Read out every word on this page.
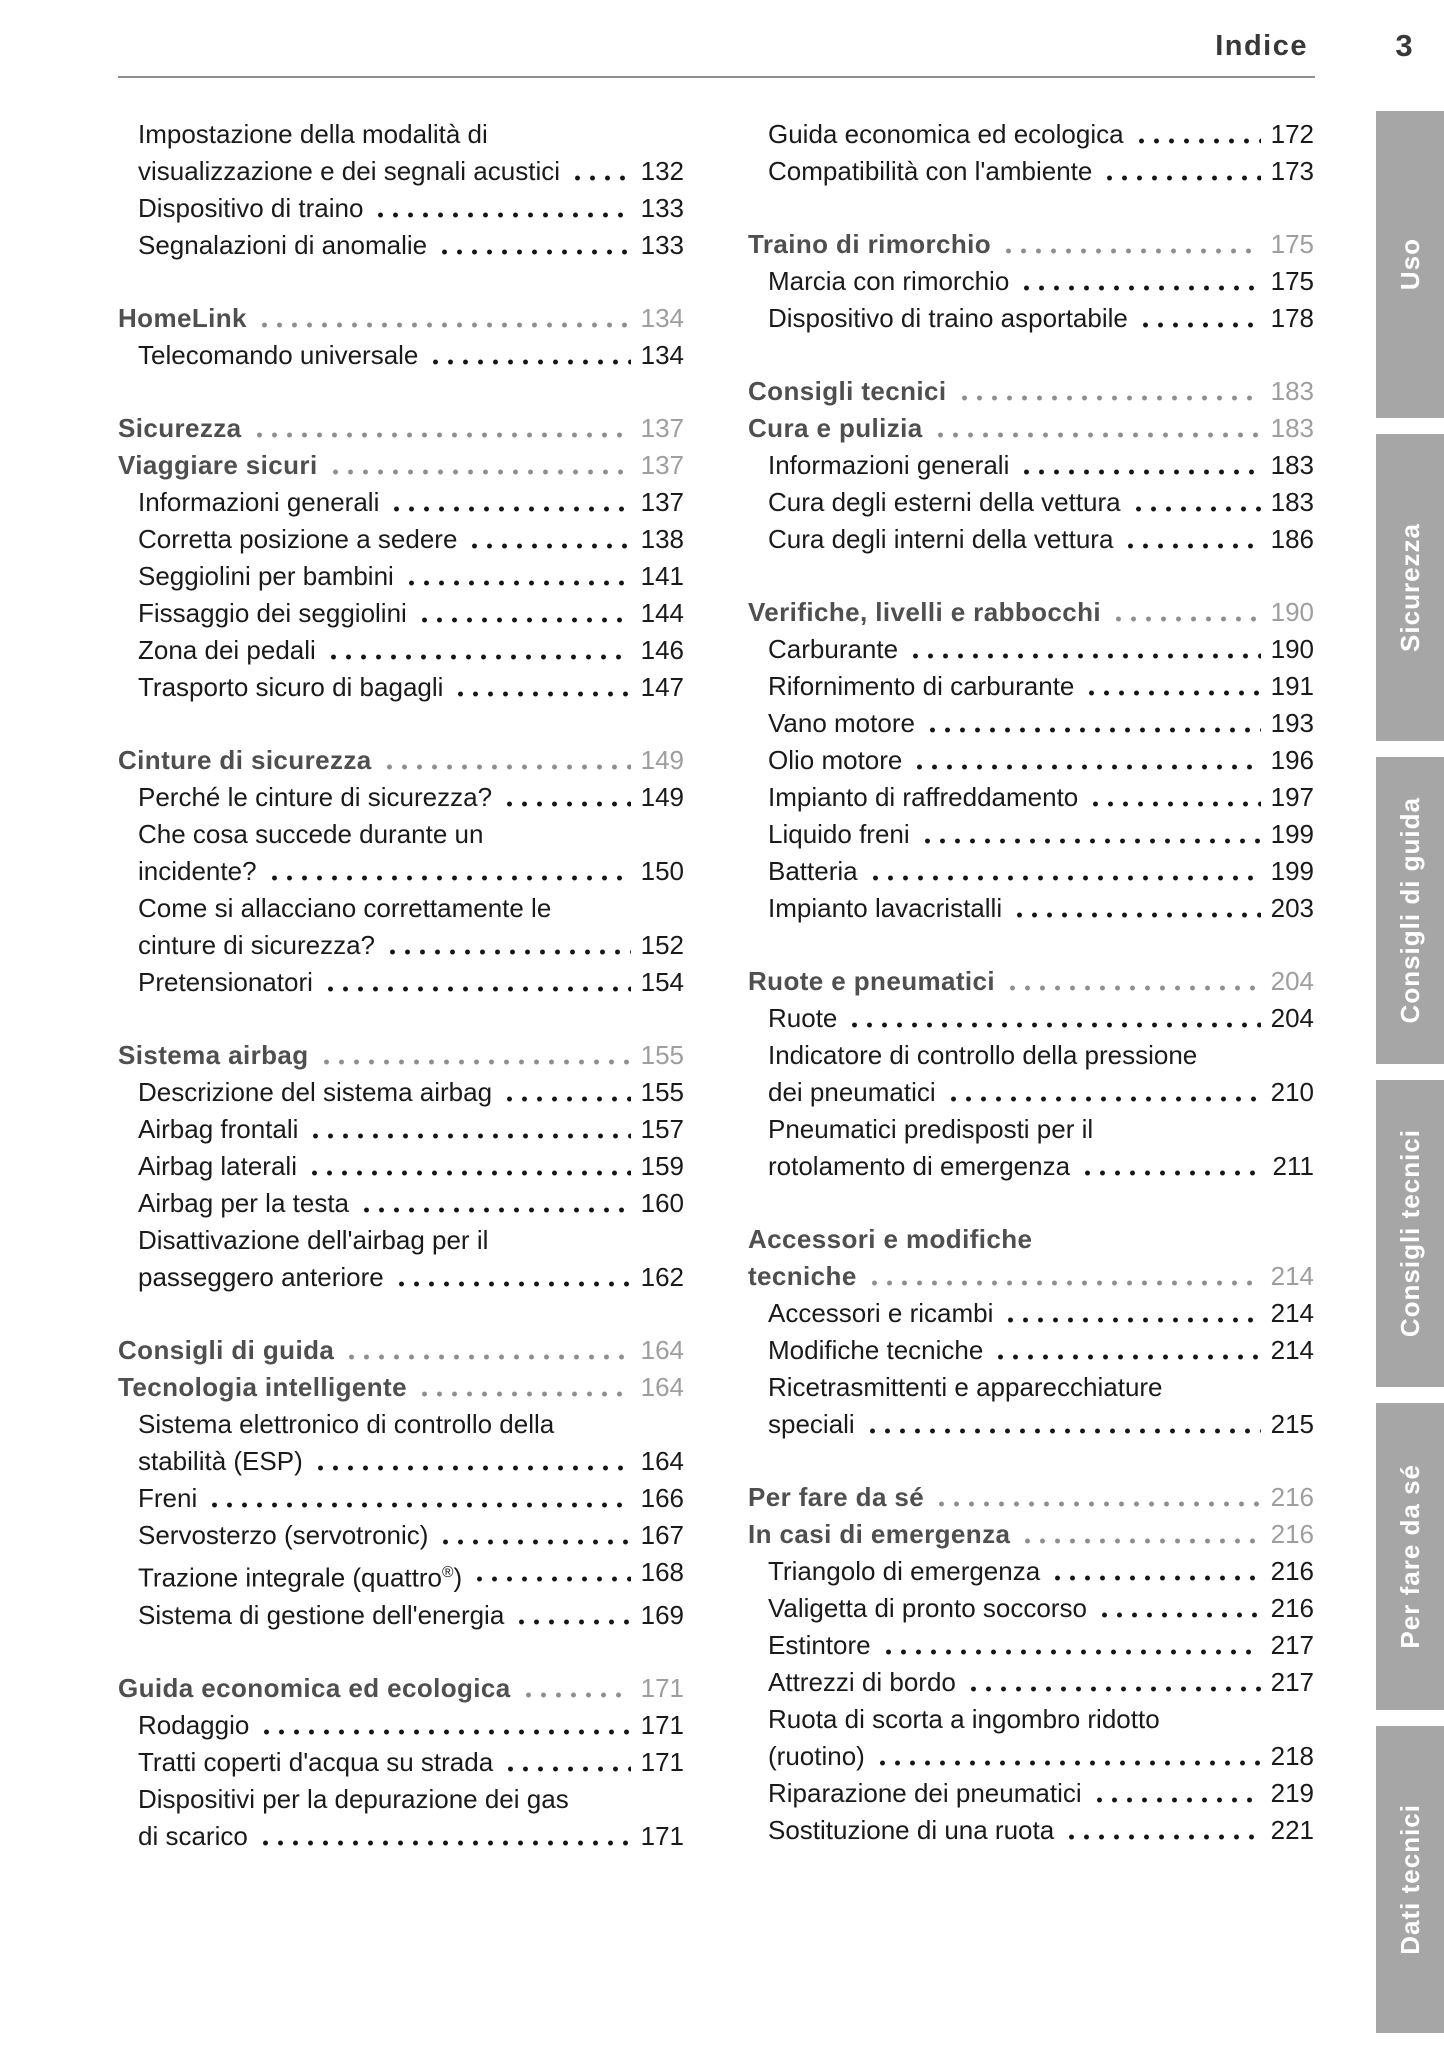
Indice	3
Impostazione della modalità di
visualizzazione e dei segnali acustici	132
Dispositivo di traino	133
Segnalazioni di anomalie	133
HomeLink	134
Telecomando universale	134
Sicurezza	137
Viaggiare sicuri	137
Informazioni generali	137
Corretta posizione a sedere	138
Seggiolini per bambini	141
Fissaggio dei seggiolini	144
Zona dei pedali	146
Trasporto sicuro di bagagli	147
Cinture di sicurezza	149
Perché le cinture di sicurezza?	149
Che cosa succede durante un
incidente?	150
Come si allacciano correttamente le
cinture di sicurezza?	152
Pretensionatori	154
Sistema airbag	155
Descrizione del sistema airbag	155
Airbag frontali	157
Airbag laterali	159
Airbag per la testa	160
Disattivazione dell'airbag per il
passeggero anteriore	162
Consigli di guida	164
Tecnologia intelligente	164
Sistema elettronico di controllo della
stabilità (ESP)	164
Freni	166
Servosterzo (servotronic)	167
Trazione integrale (quattro®)	168
Sistema di gestione dell'energia	169
Guida economica ed ecologica	171
Rodaggio	171
Tratti coperti d'acqua su strada	171
Dispositivi per la depurazione dei gas
di scarico	171
Guida economica ed ecologica	172
Compatibilità con l'ambiente	173
Traino di rimorchio	175
Marcia con rimorchio	175
Dispositivo di traino asportabile	178
Consigli tecnici	183
Cura e pulizia	183
Informazioni generali	183
Cura degli esterni della vettura	183
Cura degli interni della vettura	186
Verifiche, livelli e rabbocchi	190
Carburante	190
Rifornimento di carburante	191
Vano motore	193
Olio motore	196
Impianto di raffreddamento	197
Liquido freni	199
Batteria	199
Impianto lavacristalli	203
Ruote e pneumatici	204
Ruote	204
Indicatore di controllo della pressione
dei pneumatici	210
Pneumatici predisposti per il
rotolamento di emergenza	211
Accessori e modifiche
tecniche	214
Accessori e ricambi	214
Modifiche tecniche	214
Ricetrasmittenti e apparecchiature
speciali	215
Per fare da sé	216
In casi di emergenza	216
Triangolo di emergenza	216
Valigetta di pronto soccorso	216
Estintore	217
Attrezzi di bordo	217
Ruota di scorta a ingombro ridotto
(ruotino)	218
Riparazione dei pneumatici	219
Sostituzione di una ruota	221
Uso
Sicurezza
Consigli di guida
Consigli tecnici
Per fare da sé
Dati tecnici
